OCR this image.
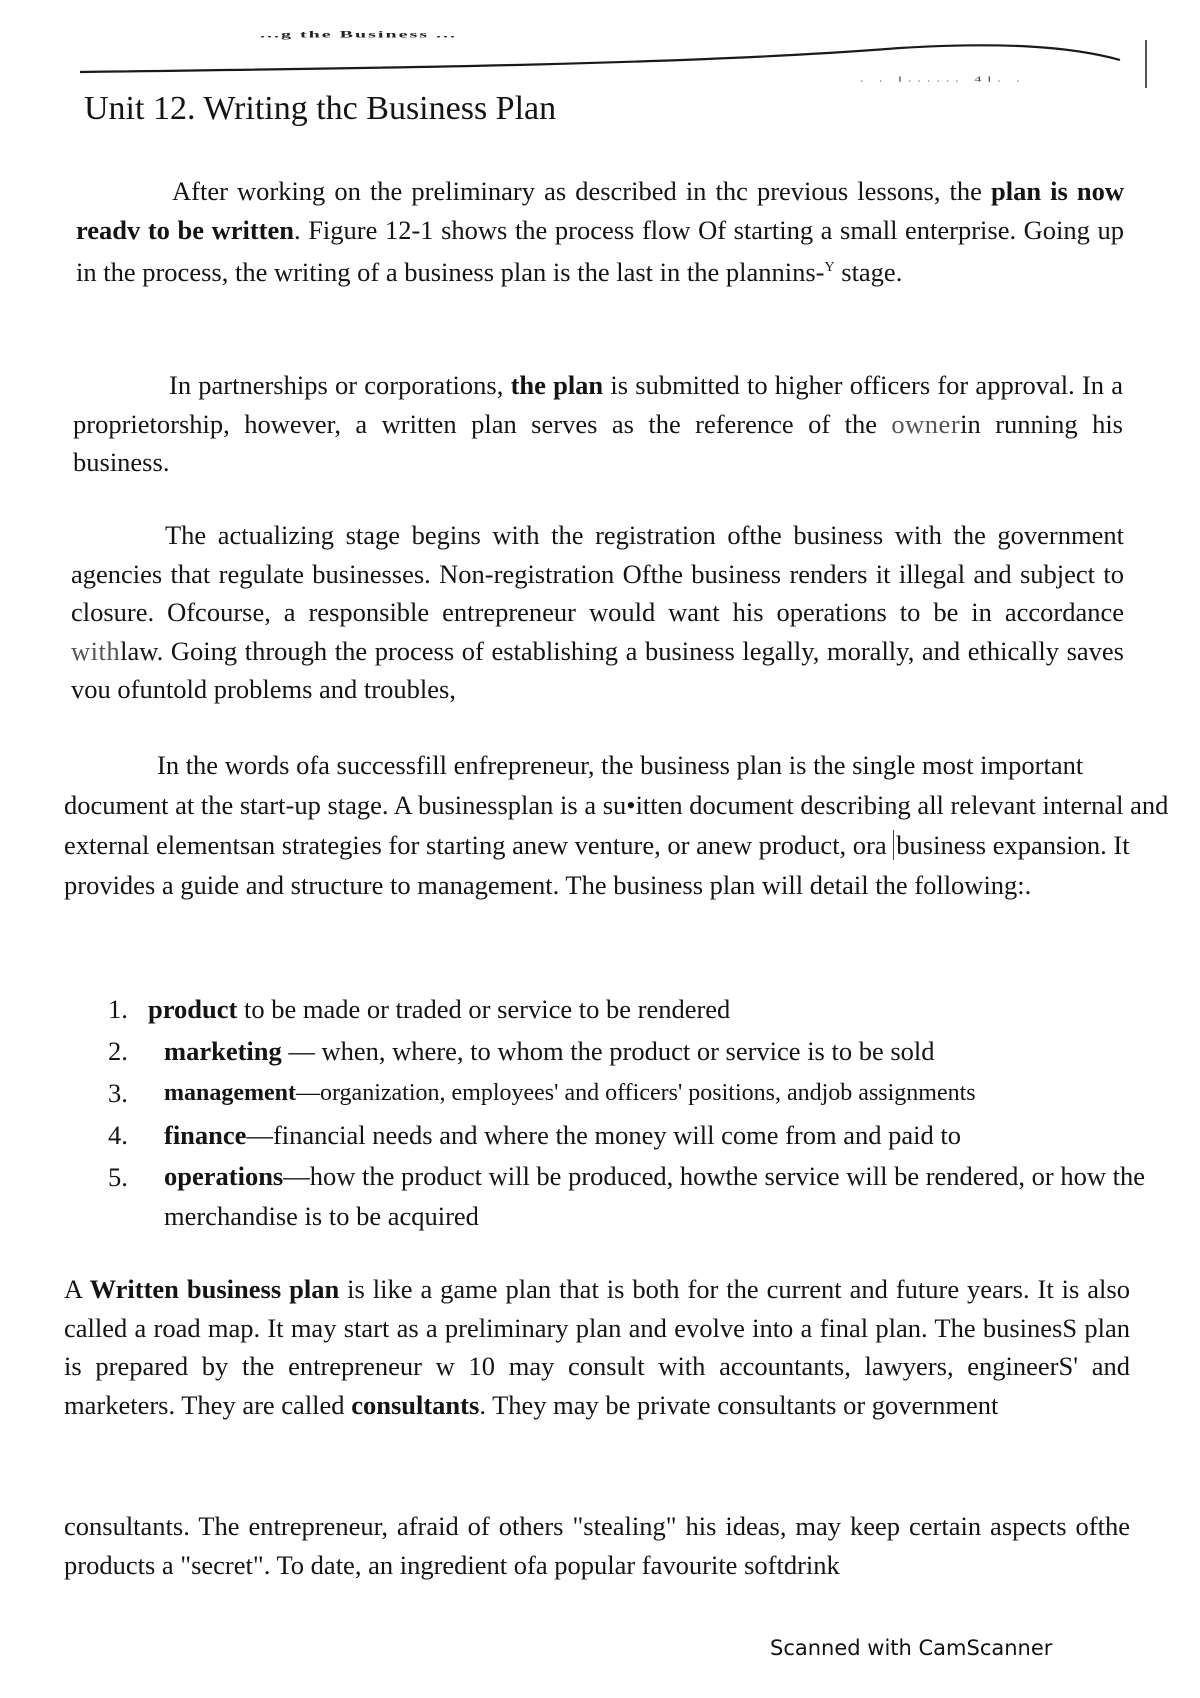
...g the Business ...
. . l...... 4l. .
Unit 12. Writing thc Business Plan

After working on the preliminary as described in thc previous lessons, the plan is now readv to be written. Figure 12-1 shows the process flow Of starting a small enterprise. Going up in the process, the writing of a business plan is the last in the plannins-$^Y$ stage.

In partnerships or corporations, the plan is submitted to higher officers for approval. In a proprietorship, however, a written plan serves as the reference of the ownerin running his business.

The actualizing stage begins with the registration ofthe business with the government agencies that regulate businesses. Non-registration Ofthe business renders it illegal and subject to closure. Ofcourse, a responsible entrepreneur would want his operations to be in accordance withlaw. Going through the process of establishing a business legally, morally, and ethically saves vou ofuntold problems and troubles,

In the words ofa successfill enfrepreneur, the business plan is the single most important document at the start-up stage. A businessplan is a su•itten document describing all relevant internal and external elementsan strategies for starting anew venture, or anew product, ora business expansion. It provides a guide and structure to management. The business plan will detail the following:.

1. product to be made or traded or service to be rendered
2.	marketing — when, where, to whom the product or service is to be sold
3.	management—organization, employees' and officers' positions, andjob assignments
4.	finance—financial needs and where the money will come from and paid to
5.	operations—how the product will be produced, howthe service will be rendered, or how the merchandise is to be acquired

A Written business plan is like a game plan that is both for the current and future years. It is also called a road map. It may start as a preliminary plan and evolve into a final plan. The businesS plan is prepared by the entrepreneur w 10 may consult with accountants, lawyers, engineerS' and marketers. They are called consultants. They may be private consultants or government

consultants. The entrepreneur, afraid of others "stealing" his ideas, may keep certain aspects ofthe products a "secret". To date, an ingredient ofa popular favourite softdrink

Scanned with CamScanner
